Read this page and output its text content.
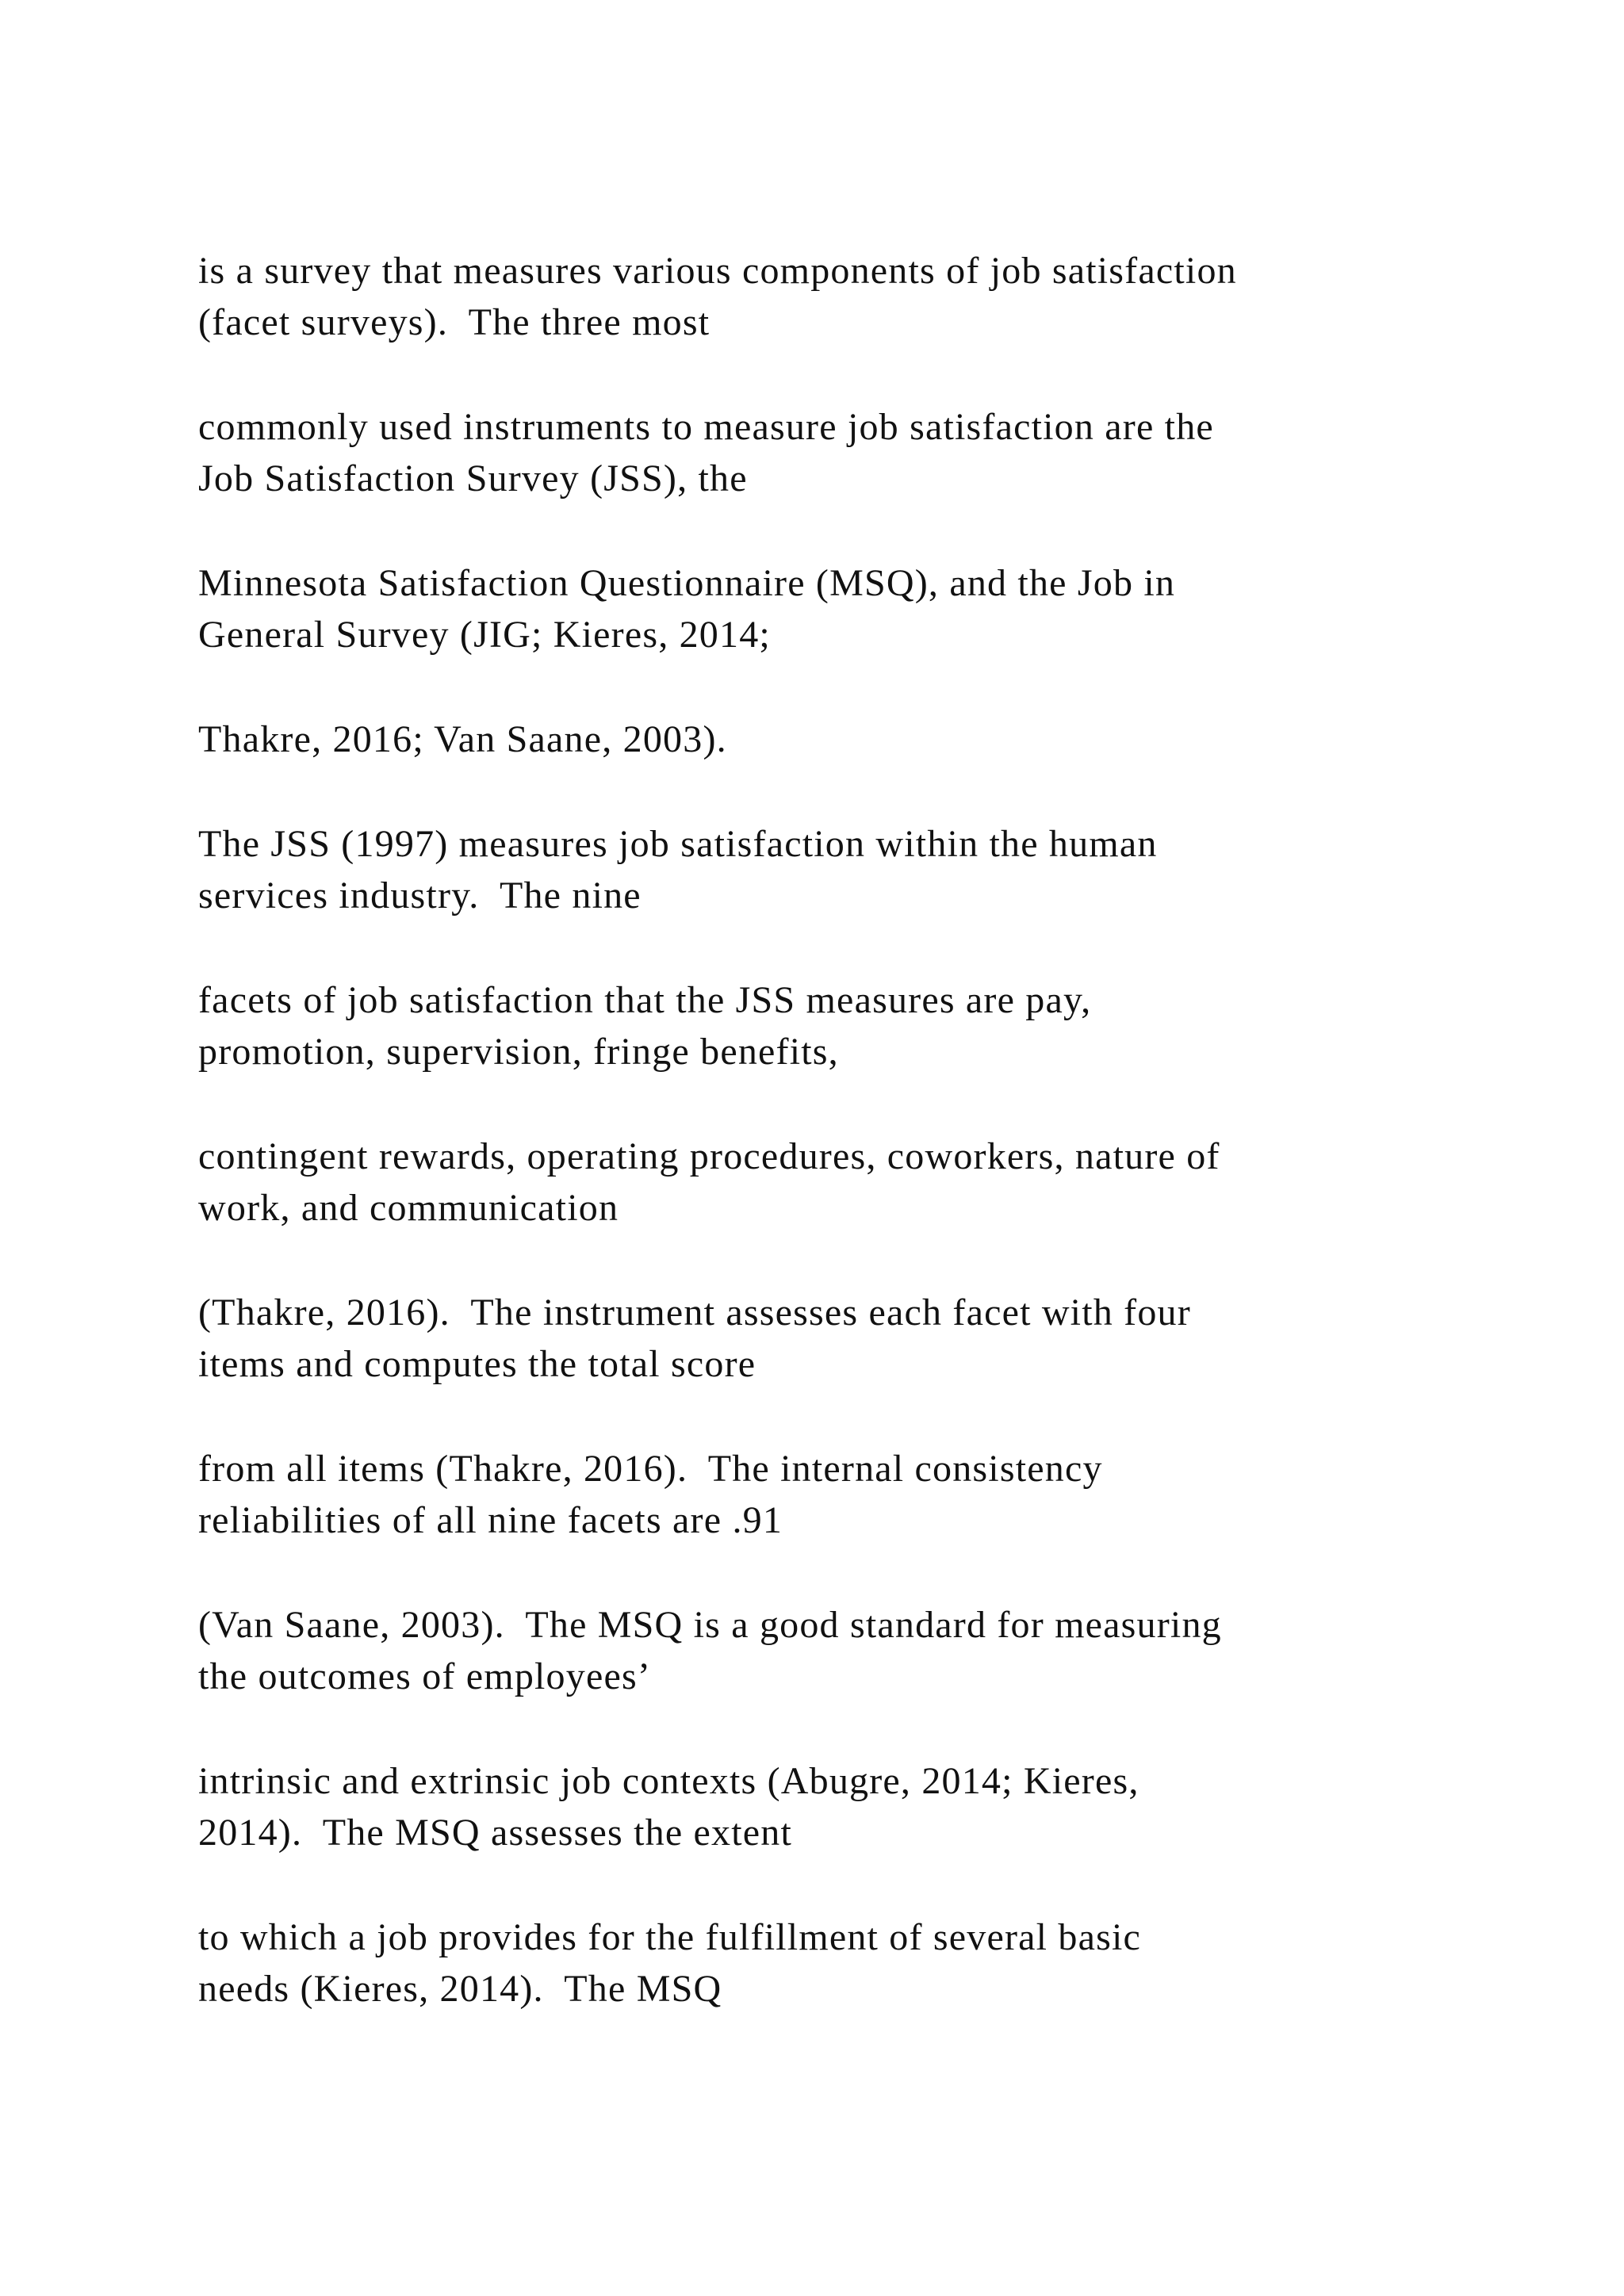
is a survey that measures various components of job satisfaction
(facet surveys).  The three most

commonly used instruments to measure job satisfaction are the
Job Satisfaction Survey (JSS), the

Minnesota Satisfaction Questionnaire (MSQ), and the Job in
General Survey (JIG; Kieres, 2014;

Thakre, 2016; Van Saane, 2003).

The JSS (1997) measures job satisfaction within the human
services industry.  The nine

facets of job satisfaction that the JSS measures are pay,
promotion, supervision, fringe benefits,

contingent rewards, operating procedures, coworkers, nature of
work, and communication

(Thakre, 2016).  The instrument assesses each facet with four
items and computes the total score

from all items (Thakre, 2016).  The internal consistency
reliabilities of all nine facets are .91

(Van Saane, 2003).  The MSQ is a good standard for measuring
the outcomes of employees’

intrinsic and extrinsic job contexts (Abugre, 2014; Kieres,
2014).  The MSQ assesses the extent

to which a job provides for the fulfillment of several basic
needs (Kieres, 2014).  The MSQ
